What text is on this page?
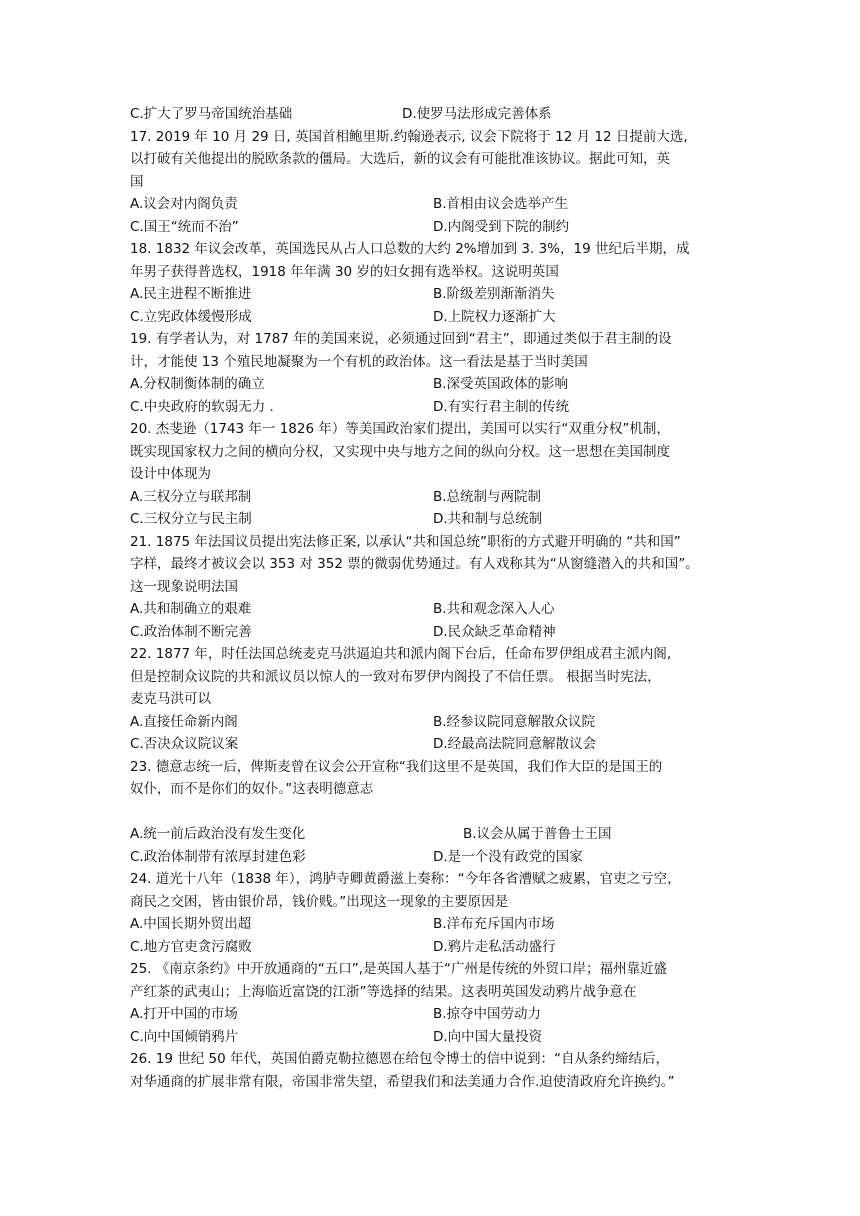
C.扩大了罗马帝国统治基础	D.使罗马法形成完善体系
17. 2019 年 10 月 29 日, 英国首相鲍里斯.约翰逊表示, 议会下院将于 12 月 12 日提前大选,
以打破有关他提出的脱欧条款的僵局。大选后，新的议会有可能批准该协议。据此可知，英
国
A.议会对内阁负责	B.首相由议会选举产生
C.国王“统而不治”	D.内阁受到下院的制约
18. 1832 年议会改革，英国选民从占人口总数的大约 2%增加到 3. 3%，19 世纪后半期，成
年男子获得普选权，1918 年年满 30 岁的妇女拥有选举权。这说明英国
A.民主进程不断推进	B.阶级差别渐渐消失
C.立宪政体缓慢形成	D.上院权力逐渐扩大
19. 有学者认为，对 1787 年的美国来说，必须通过回到“君主”，即通过类似于君主制的设
计，才能使 13 个殖民地凝聚为一个有机的政治体。这一看法是基于当时美国
A.分权制衡体制的确立	B.深受英国政体的影响
C.中央政府的软弱无力 .	D.有实行君主制的传统
20. 杰斐逊（1743 年一 1826 年）等美国政治家们提出，美国可以实行“双重分权”机制，
既实现国家权力之间的横向分权，又实现中央与地方之间的纵向分权。这一思想在美国制度
设计中体现为
A.三权分立与联邦制	B.总统制与两院制
C.三权分立与民主制	D.共和制与总统制
21. 1875 年法国议员提出宪法修正案, 以承认“共和国总统”职衔的方式避开明确的 “共和国”
字样，最终才被议会以 353 对 352 票的微弱优势通过。有人戏称其为“从窗缝潜入的共和国”。
这一现象说明法国
A.共和制确立的艰难	B.共和观念深入人心
C.政治体制不断完善	D.民众缺乏革命精神
22. 1877 年，时任法国总统麦克马洪逼迫共和派内阁下台后，任命布罗伊组成君主派内阁,
但是控制众议院的共和派议员以惊人的一致对布罗伊内阁投了不信任票。 根据当时宪法，
麦克马洪可以
A.直接任命新内阁	B.经参议院同意解散众议院
C.否决众议院议案	D.经最高法院同意解散议会
23. 德意志统一后，俾斯麦曾在议会公开宣称“我们这里不是英国，我们作大臣的是国王的
奴仆，而不是你们的奴仆。”这表明德意志
A.统一前后政治没有发生变化	B.议会从属于普鲁士王国
C.政治体制带有浓厚封建色彩	D.是一个没有政党的国家
24. 道光十八年（1838 年），鸿胪寺卿黄爵滋上奏称：“今年各省漕赋之疲累，官吏之亏空，
商民之交困，皆由银价昂，钱价贱。”出现这一现象的主要原因是
A.中国长期外贸出超	B.洋布充斥国内市场
C.地方官吏贪污腐败	D.鸦片走私活动盛行
25. 《南京条约》中开放通商的“五口”,是英国人基于“广州是传统的外贸口岸；福州靠近盛
产红茶的武夷山；上海临近富饶的江浙”等选择的结果。这表明英国发动鸦片战争意在
A.打开中国的市场	B.掠夺中国劳动力
C.向中国倾销鸦片	D.向中国大量投资
26. 19 世纪 50 年代，英国伯爵克勒拉德恩在给包令博士的信中说到：“自从条约缔结后，
对华通商的扩展非常有限，帝国非常失望，希望我们和法美通力合作.迫使清政府允许换约。”
